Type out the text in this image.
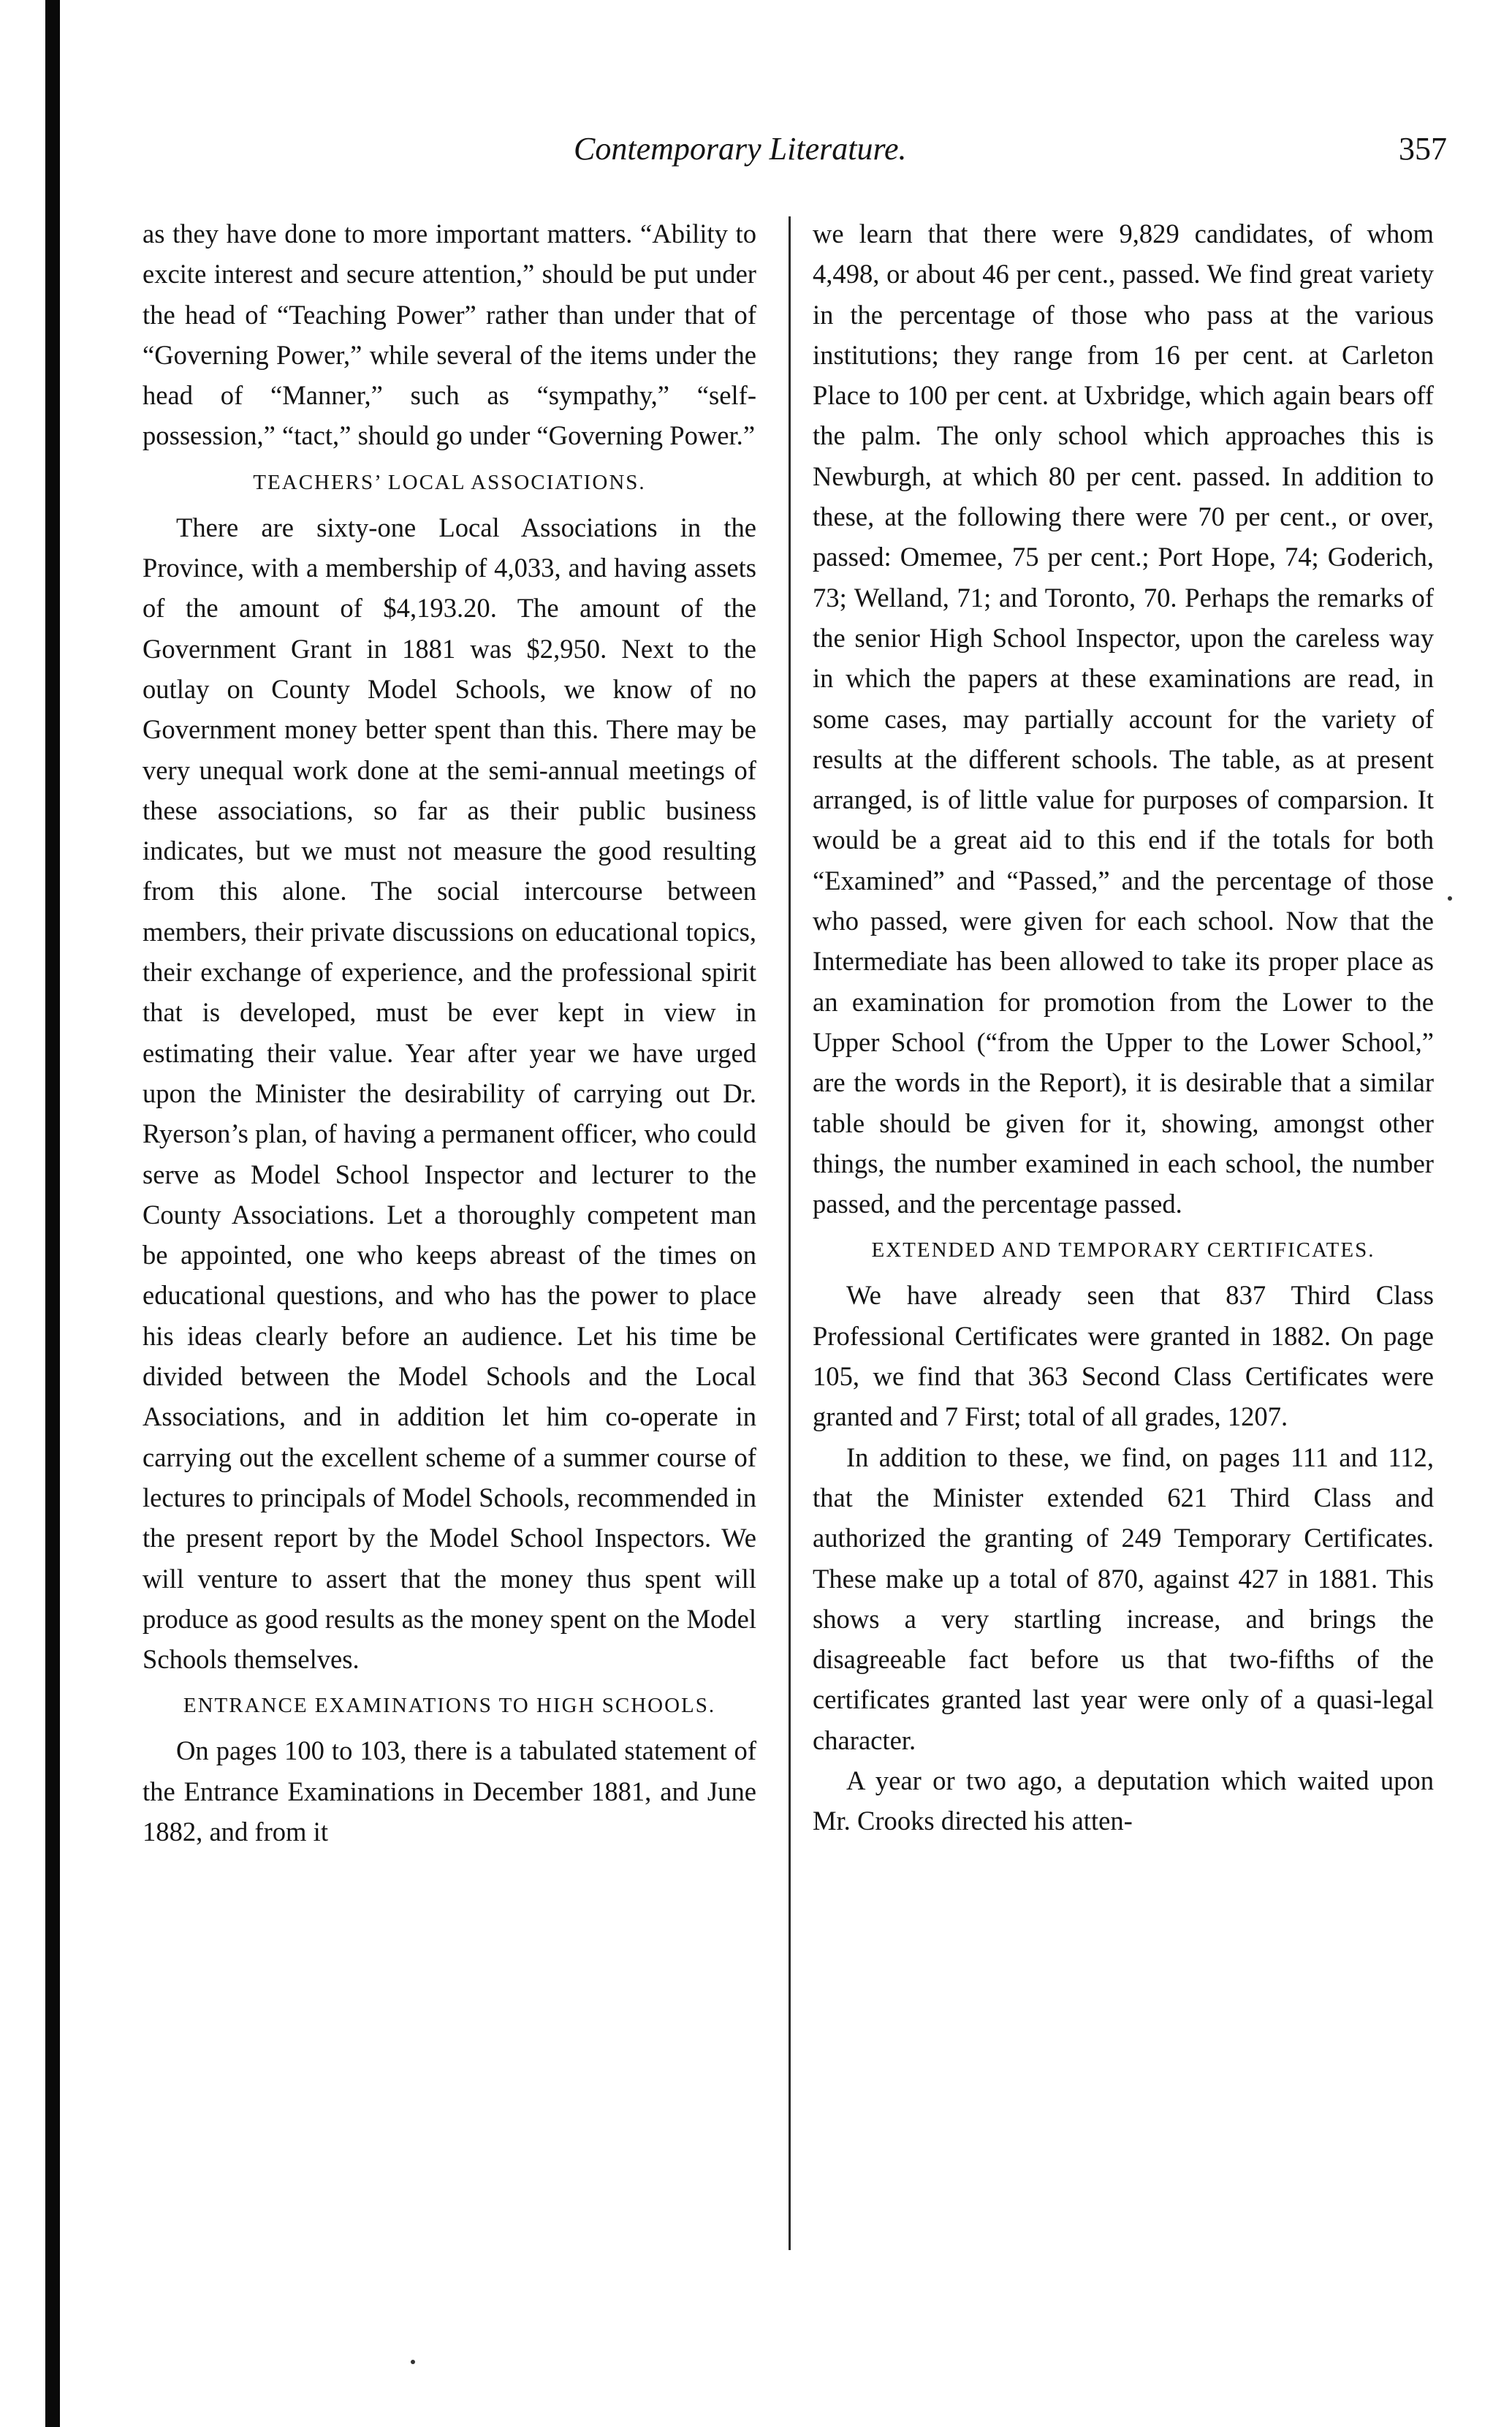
Contemporary Literature.	357

as they have done to more important matters. “Ability to excite interest and secure attention,” should be put under the head of “Teaching Power” rather than under that of “Governing Power,” while several of the items under the head of “Manner,” such as “sympathy,” “self-possession,” “tact,” should go under “Governing Power.”

TEACHERS’ LOCAL ASSOCIATIONS.

There are sixty-one Local Associations in the Province, with a membership of 4,033, and having assets of the amount of $4,193.20. The amount of the Government Grant in 1881 was $2,950. Next to the outlay on County Model Schools, we know of no Government money better spent than this. There may be very unequal work done at the semi-annual meetings of these associations, so far as their public business indicates, but we must not measure the good resulting from this alone. The social intercourse between members, their private discussions on educational topics, their exchange of experience, and the professional spirit that is developed, must be ever kept in view in estimating their value. Year after year we have urged upon the Minister the desirability of carrying out Dr. Ryerson’s plan, of having a permanent officer, who could serve as Model School Inspector and lecturer to the County Associations. Let a thoroughly competent man be appointed, one who keeps abreast of the times on educational questions, and who has the power to place his ideas clearly before an audience. Let his time be divided between the Model Schools and the Local Associations, and in addition let him co-operate in carrying out the excellent scheme of a summer course of lectures to principals of Model Schools, recommended in the present report by the Model School Inspectors. We will venture to assert that the money thus spent will produce as good results as the money spent on the Model Schools themselves.

ENTRANCE EXAMINATIONS TO HIGH SCHOOLS.

On pages 100 to 103, there is a tabulated statement of the Entrance Examinations in December 1881, and June 1882, and from it

we learn that there were 9,829 candidates, of whom 4,498, or about 46 per cent., passed. We find great variety in the percentage of those who pass at the various institutions; they range from 16 per cent. at Carleton Place to 100 per cent. at Uxbridge, which again bears off the palm. The only school which approaches this is Newburgh, at which 80 per cent. passed. In addition to these, at the following there were 70 per cent., or over, passed: Omemee, 75 per cent.; Port Hope, 74; Goderich, 73; Welland, 71; and Toronto, 70. Perhaps the remarks of the senior High School Inspector, upon the careless way in which the papers at these examinations are read, in some cases, may partially account for the variety of results at the different schools. The table, as at present arranged, is of little value for purposes of comparsion. It would be a great aid to this end if the totals for both “Examined” and “Passed,” and the percentage of those who passed, were given for each school. Now that the Intermediate has been allowed to take its proper place as an examination for promotion from the Lower to the Upper School (“from the Upper to the Lower School,” are the words in the Report), it is desirable that a similar table should be given for it, showing, amongst other things, the number examined in each school, the number passed, and the percentage passed.

EXTENDED AND TEMPORARY CERTIFICATES.

We have already seen that 837 Third Class Professional Certificates were granted in 1882. On page 105, we find that 363 Second Class Certificates were granted and 7 First; total of all grades, 1207.

In addition to these, we find, on pages 111 and 112, that the Minister extended 621 Third Class and authorized the granting of 249 Temporary Certificates. These make up a total of 870, against 427 in 1881. This shows a very startling increase, and brings the disagreeable fact before us that two-fifths of the certificates granted last year were only of a quasi-legal character.

A year or two ago, a deputation which waited upon Mr. Crooks directed his atten-
